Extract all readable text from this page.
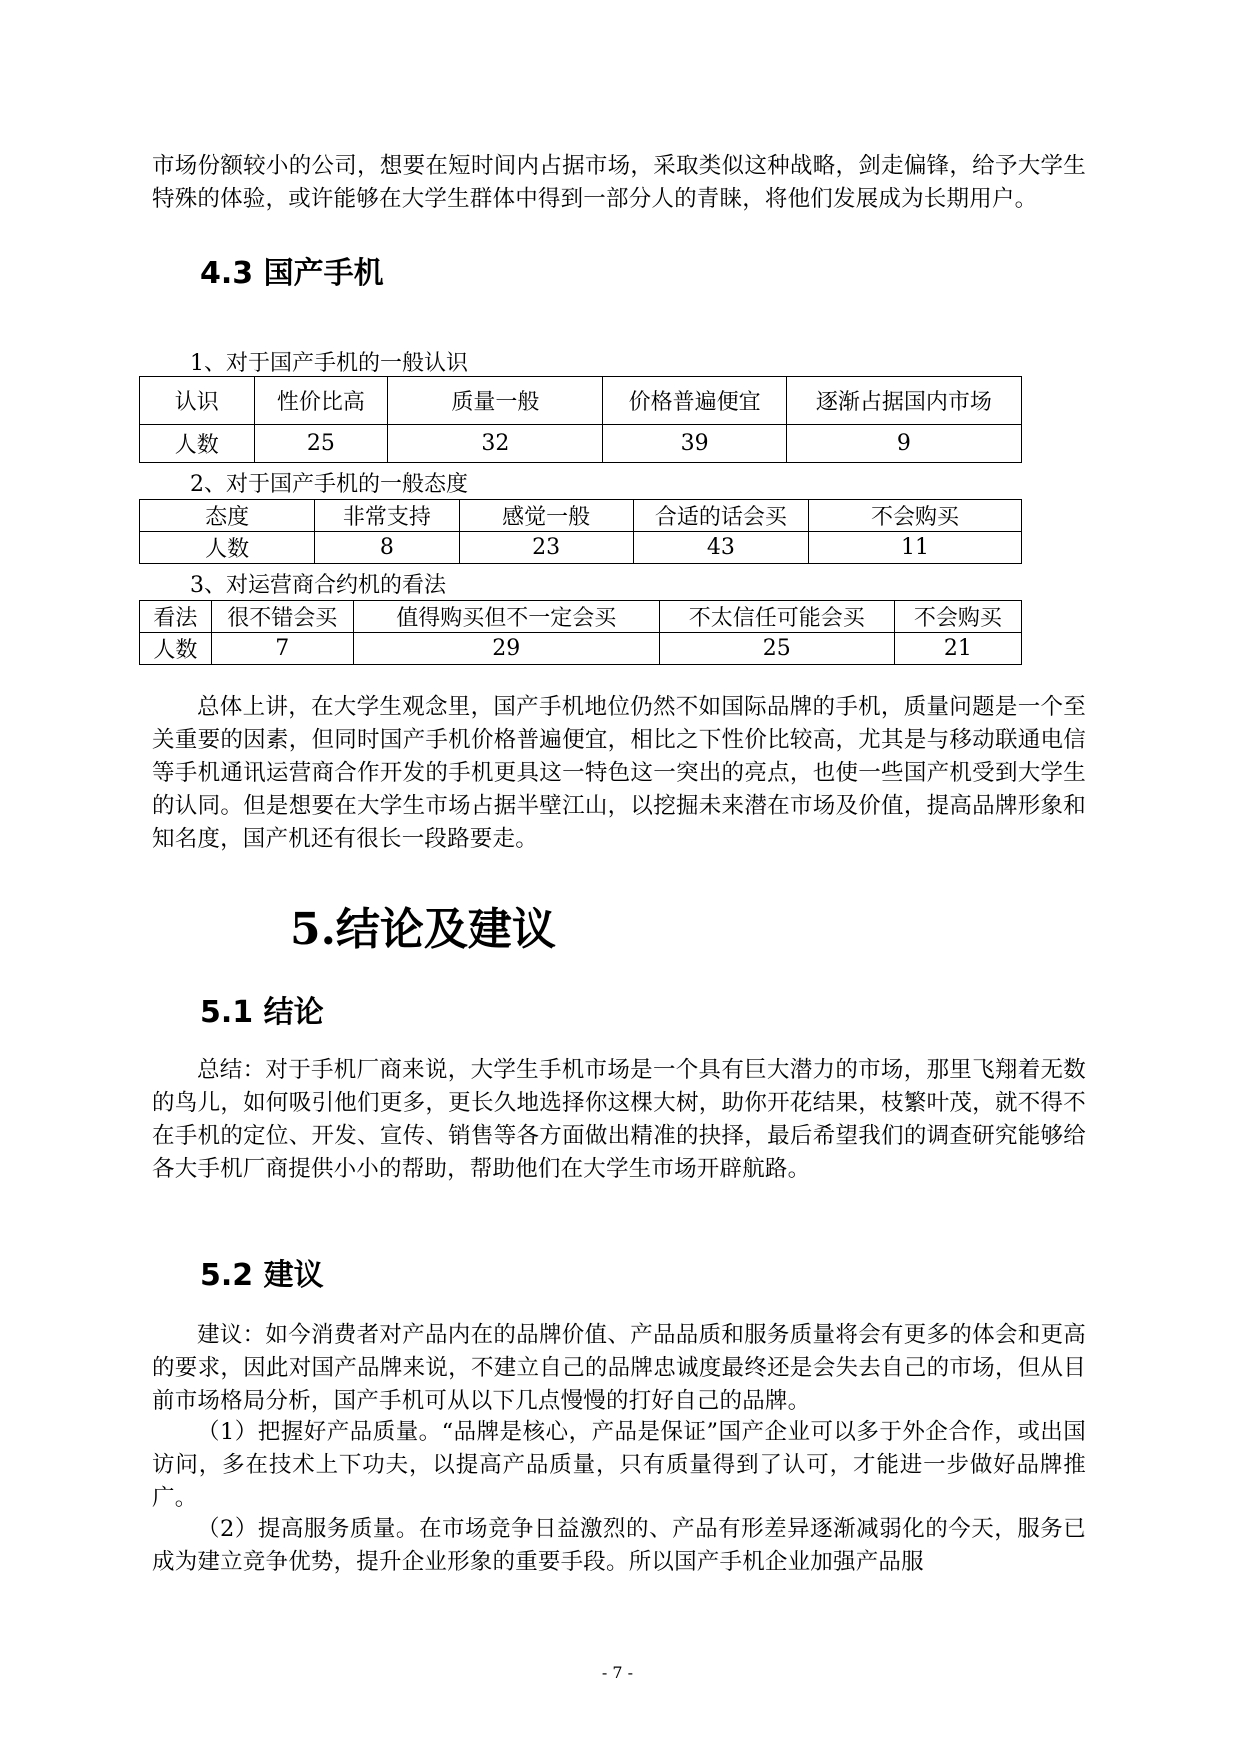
市场份额较小的公司，想要在短时间内占据市场，采取类似这种战略，剑走偏锋，给予大学生特殊的体验，或许能够在大学生群体中得到一部分人的青睐，将他们发展成为长期用户。

4.3 国产手机

1、对于国产手机的一般认识

认识	性价比高	质量一般	价格普遍便宜	逐渐占据国内市场
人数	25	32	39	9

2、对于国产手机的一般态度

态度	非常支持	感觉一般	合适的话会买	不会购买
人数	8	23	43	11

3、对运营商合约机的看法

看法	很不错会买	值得购买但不一定会买	不太信任可能会买	不会购买
人数	7	29	25	21

总体上讲，在大学生观念里，国产手机地位仍然不如国际品牌的手机，质量问题是一个至关重要的因素，但同时国产手机价格普遍便宜，相比之下性价比较高，尤其是与移动联通电信等手机通讯运营商合作开发的手机更具这一特色这一突出的亮点，也使一些国产机受到大学生的认同。但是想要在大学生市场占据半壁江山，以挖掘未来潜在市场及价值，提高品牌形象和知名度，国产机还有很长一段路要走。

5.结论及建议
5.1 结论

总结：对于手机厂商来说，大学生手机市场是一个具有巨大潜力的市场，那里飞翔着无数的鸟儿，如何吸引他们更多，更长久地选择你这棵大树，助你开花结果，枝繁叶茂，就不得不在手机的定位、开发、宣传、销售等各方面做出精准的抉择，最后希望我们的调查研究能够给各大手机厂商提供小小的帮助，帮助他们在大学生市场开辟航路。

5.2 建议

建议：如今消费者对产品内在的品牌价值、产品品质和服务质量将会有更多的体会和更高的要求，因此对国产品牌来说，不建立自己的品牌忠诚度最终还是会失去自己的市场，但从目前市场格局分析，国产手机可从以下几点慢慢的打好自己的品牌。

（1）把握好产品质量。“品牌是核心，产品是保证”国产企业可以多于外企合作，或出国访问，多在技术上下功夫，以提高产品质量，只有质量得到了认可，才能进一步做好品牌推广。

（2）提高服务质量。在市场竞争日益激烈的、产品有形差异逐渐减弱化的今天，服务已成为建立竞争优势，提升企业形象的重要手段。所以国产手机企业加强产品服

- 7 -
